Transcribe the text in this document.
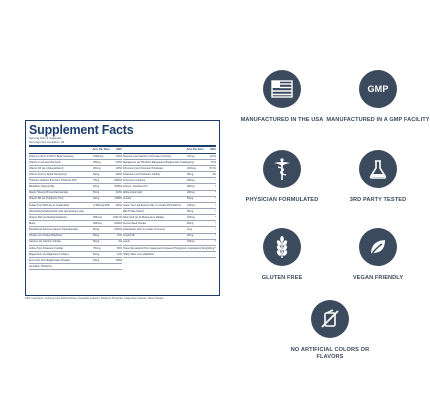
Supplement Facts
Serving Size 4 Capsules
Servings Per Container 30
Amt. Per Serv. %DV
Vitamin A (from 6,000 IU Beta Carotene)	1200mcg	133%
Vitamin C (as Ascorbic Acid)	250mg	278%
Vitamin D3 (as Cholecalciferol)	25mcg	125%
Vitamin E (as d-Alpha Tocopheryl)	30mg	200%
Thiamine (Vitamin B1) (from Thiamine HCl)	75mg	6250%
Riboflavin (Vitamin B2)	20mg	1538%
Niacin (Vitamin B3 as Niacinamide)	50mg	313%
Vitamin B6 (as Pyridoxine HCl)	30mg	1765%
Folate (from 800mcg as Quatrefolic)	1,360mcg DFE	340%
(6S)-Methyltetrahydrofolic acid, glucosamine salt)
Vitamin B12 (as Methylcobalamin)	250mcg	10417%
Biotin	300mcg	1000%
Pantothenic Acid (as Calcium Pantothenate)	50mg	1000%
Choline (as Choline Bitartrate)	55mg	10%
Calcium (as Calcium Citrate)	50mg	4%
Iodine (from Potassium Iodide)	75mcg	50%
Magnesium (as Magnesium Citrate)	50mg	12%
Zinc (from Zinc Bisglycinate Chelate)	15mg	136%
(as Albion TRAACS)
Amt. Per Serv. %DV
Selenium (as Selenium Glycinate Complex)	70mcg	127%
Manganese (as TRAACS Manganese Bisglycinate Chelate) 2mg	87%
Chromium (as Chromium Picolinate)	200mcg	571%
Potassium (as Potassium Citrate)	99mg	2%
N-Acetyl-L-Cysteine	600mg	*
Acetyl L-Carnitine HCl	500mg	*
Alpha Lipoic Acid	200mg	*
Inositol	50mg	*
Green Tea Leaf Extract (Std. to contain 45% EGCG)	100mg	*
Milk Thistle (Seed)	50mg	*
Nitric Acid (as Di-Magnesium Malate)	100mg	*
Fennel Seed Powder	50mg	*
Astaxanthin (Std. to contain Turmeric)	2mg	*
Inositol HF	25mg	*
Lutein	100mg	*
Trans-Resveratrol (from Japanese Knotweed (Polygonum cuspidatum) Root) 20mg *
*Daily Value not established.
Other Ingredients: Hydroxypropyl Methylcellulose (Vegetable Capsule), Dicalcium Phosphate, Magnesium Stearate, Silicon Dioxide.
MANUFACTURED IN THE USA
GMP
MANUFACTURED IN A GMP FACILITY
PHYSICIAN FORMULATED	3RD PARTY TESTED
GLUTEN FREE	VEGAN FRIENDLY
NO ARTIFICIAL COLORS OR FLAVORS
